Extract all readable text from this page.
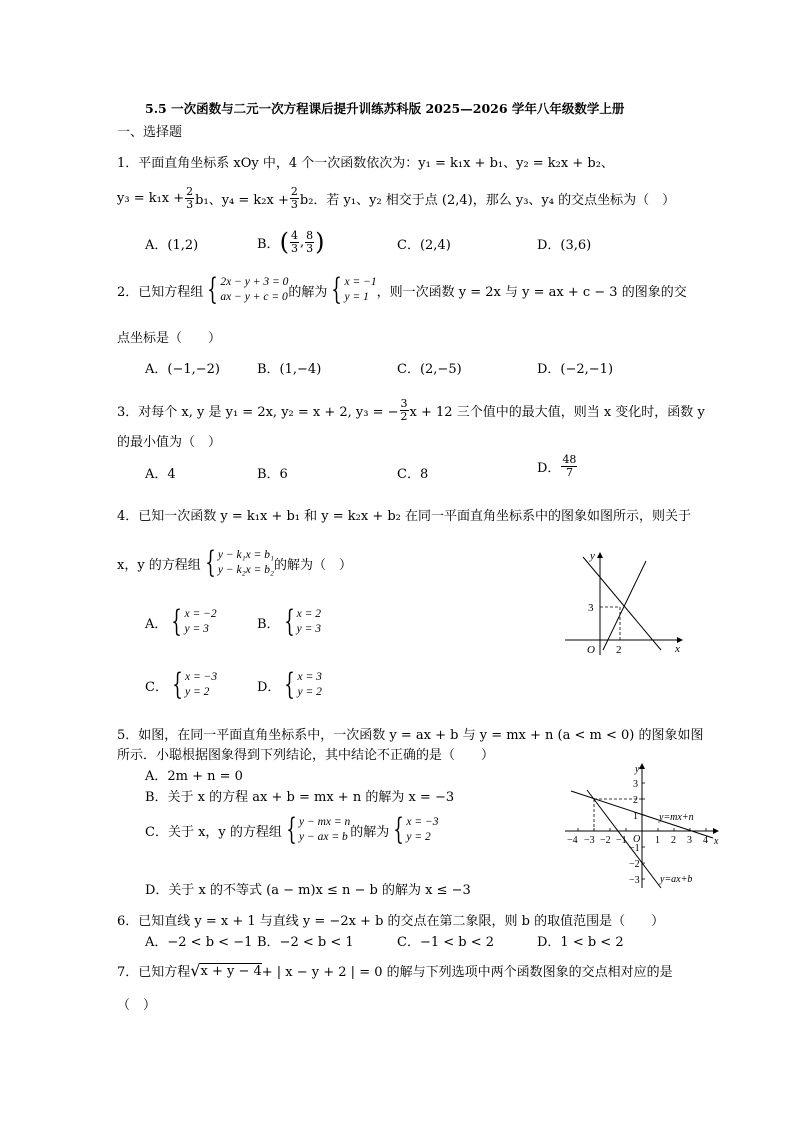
5.5 一次函数与二元一次方程课后提升训练苏科版 2025—2026 学年八年级数学上册
一、选择题
1．平面直角坐标系 xOy 中，4 个一次函数依次为：y₁ = k₁x + b₁、y₂ = k₂x + b₂、
$y_3 = k_1x + \frac{2}{3} b_1$、$y_4 = k_2x + \frac{2}{3} b_2$．若 y₁、y₂ 相交于点 (2,4)，那么 y₃、y₄ 的交点坐标为（　）
A．(1,2)	B． ( $\frac{4}{3}$ , $\frac{8}{3}$ )	C．(2,4)	D．(3,6)
2．已知方程组 { 2x − y + 3 = 0
ax − y + c = 0 的解为 { x = −1
y = 1 ，则一次函数 y = 2x 与 y = ax + c − 3 的图象的交
点坐标是（　　）
A．(−1,−2)	B．(1,−4)	C．(2,−5)	D．(−2,−1)
3．对每个 x, y 是 y₁ = 2x, y₂ = x + 2, y₃ = − $\frac{3}{2}$ x + 12 三个值中的最大值，则当 x 变化时，函数 y
的最小值为（　）
A．4	B．6	C．8	D． $\frac{48}{7}$
4．已知一次函数 y = k₁x + b₁ 和 y = k₂x + b₂ 在同一平面直角坐标系中的图象如图所示，则关于
x，y 的方程组 { y − k₁x = b₁
y − k₂x = b₂ 的解为（　）
A． { x = −2
y = 3	B． { x = 2
y = 3
C． { x = −3
y = 2	D． { x = 3
y = 2
y
x
O
3
2
5．如图，在同一平面直角坐标系中，一次函数 y = ax + b 与 y = mx + n (a < m < 0) 的图象如图
所示．小聪根据图象得到下列结论，其中结论不正确的是（　　）
A．2m + n = 0
B．关于 x 的方程 ax + b = mx + n 的解为 x = −3
C．关于 x，y 的方程组 { y − mx = n
y − ax = b 的解为 { x = −3
y = 2
D．关于 x 的不等式 (a − m)x ≤ n − b 的解为 x ≤ −3
y
x
O
−4 −3 −2 −1	1 2 3 4
3
2
1
−1
−2
−3
y=mx+n
y=ax+b
6．已知直线 y = x + 1 与直线 y = −2x + b 的交点在第二象限，则 b 的取值范围是（　　）
A．−2 < b < −1 B．−2 < b < 1	C．−1 < b < 2	D．1 < b < 2
7．已知方程 √ x + y − 4 + | x − y + 2 | = 0 的解与下列选项中两个函数图象的交点相对应的是
（　）
